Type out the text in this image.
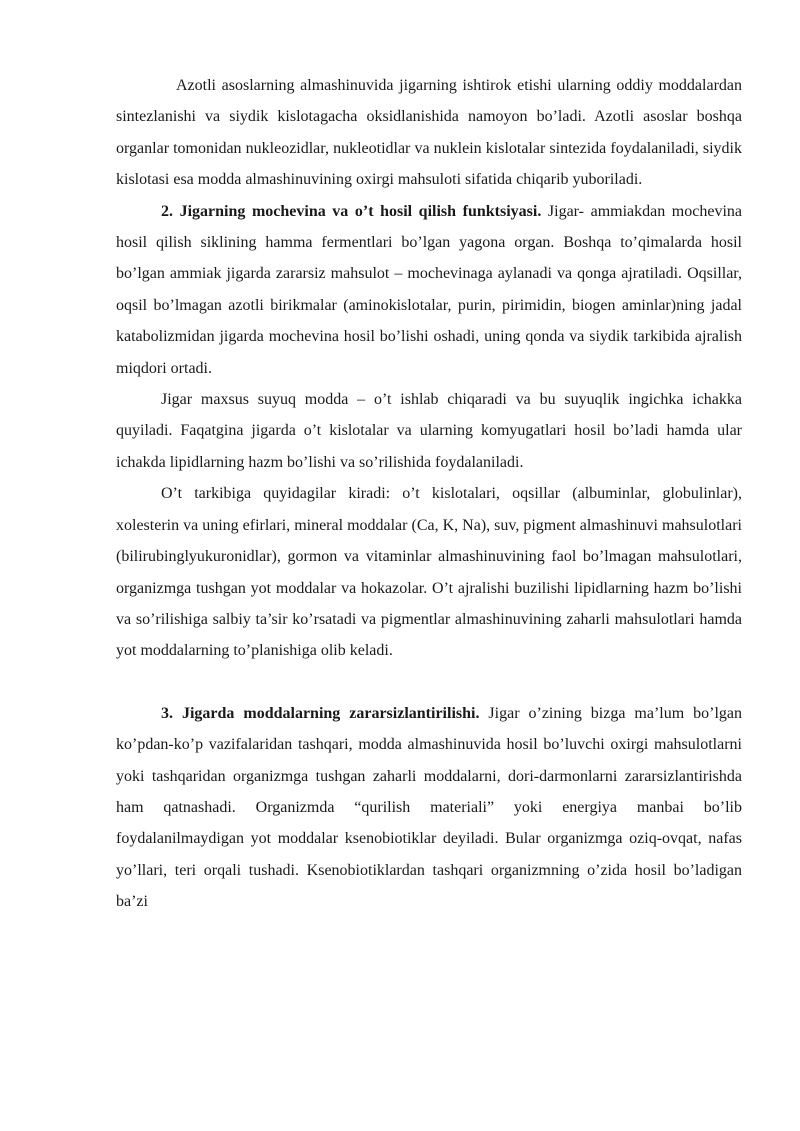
Azotli asoslarning almashinuvida jigarning ishtirok etishi ularning oddiy moddalardan sintezlanishi va siydik kislotagacha oksidlanishida namoyon bo’ladi. Azotli asoslar boshqa organlar tomonidan nukleozidlar, nukleotidlar va nuklein kislotalar sintezida foydalaniladi, siydik kislotasi esa modda almashinuvining oxirgi mahsuloti sifatida chiqarib yuboriladi.

2. Jigarning mochevina va o’t hosil qilish funktsiyasi. Jigar- ammiakdan mochevina hosil qilish siklining hamma fermentlari bo’lgan yagona organ. Boshqa to’qimalarda hosil bo’lgan ammiak jigarda zararsiz mahsulot – mochevinaga aylanadi va qonga ajratiladi. Oqsillar, oqsil bo’lmagan azotli birikmalar (aminokislotalar, purin, pirimidin, biogen aminlar)ning jadal katabolizmidan jigarda mochevina hosil bo’lishi oshadi, uning qonda va siydik tarkibida ajralish miqdori ortadi.

Jigar maxsus suyuq modda – o’t ishlab chiqaradi va bu suyuqlik ingichka ichakka quyiladi. Faqatgina jigarda o’t kislotalar va ularning komyugatlari hosil bo’ladi hamda ular ichakda lipidlarning hazm bo’lishi va so’rilishida foydalaniladi.

O’t tarkibiga quyidagilar kiradi: o’t kislotalari, oqsillar (albuminlar, globulinlar), xolesterin va uning efirlari, mineral moddalar (Ca, K, Na), suv, pigment almashinuvi mahsulotlari (bilirubinglyukuronidlar), gormon va vitaminlar almashinuvining faol bo’lmagan mahsulotlari, organizmga tushgan yot moddalar va hokazolar. O’t ajralishi buzilishi lipidlarning hazm bo’lishi va so’rilishiga salbiy ta’sir ko’rsatadi va pigmentlar almashinuvining zaharli mahsulotlari hamda yot moddalarning to’planishiga olib keladi.

3. Jigarda moddalarning zararsizlantirilishi. Jigar o’zining bizga ma’lum bo’lgan ko’pdan-ko’p vazifalaridan tashqari, modda almashinuvida hosil bo’luvchi oxirgi mahsulotlarni yoki tashqaridan organizmga tushgan zaharli moddalarni, dori-darmonlarni zararsizlantirishda ham qatnashadi. Organizmda “qurilish materiali” yoki energiya manbai bo’lib foydalanilmaydigan yot moddalar ksenobiotiklar deyiladi. Bular organizmga oziq-ovqat, nafas yo’llari, teri orqali tushadi. Ksenobiotiklardan tashqari organizmning o’zida hosil bo’ladigan ba’zi
